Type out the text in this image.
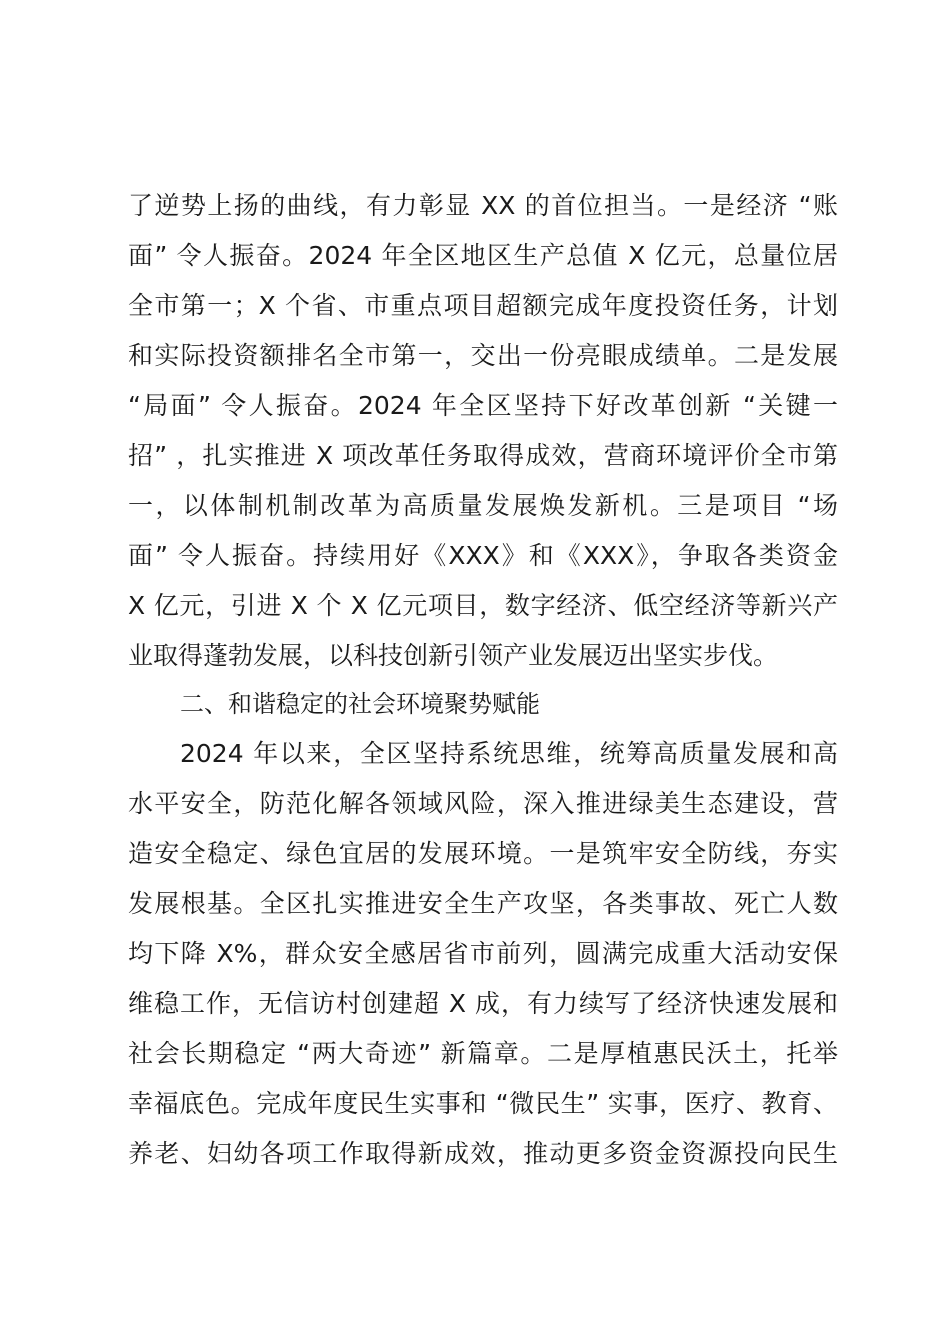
了逆势上扬的曲线，有力彰显 XX 的首位担当。一是经济 “账
面” 令人振奋。2024 年全区地区生产总值 X 亿元，总量位居
全市第一；X 个省、市重点项目超额完成年度投资任务，计划
和实际投资额排名全市第一，交出一份亮眼成绩单。二是发展
“局面” 令人振奋。2024 年全区坚持下好改革创新 “关键一
招” ，扎实推进 X 项改革任务取得成效，营商环境评价全市第
一，以体制机制改革为高质量发展焕发新机。三是项目 “场
面” 令人振奋。持续用好《XXX》和《XXX》，争取各类资金
X 亿元，引进 X 个 X 亿元项目，数字经济、低空经济等新兴产
业取得蓬勃发展，以科技创新引领产业发展迈出坚实步伐。
二、和谐稳定的社会环境聚势赋能
2024 年以来，全区坚持系统思维，统筹高质量发展和高
水平安全，防范化解各领域风险，深入推进绿美生态建设，营
造安全稳定、绿色宜居的发展环境。一是筑牢安全防线，夯实
发展根基。全区扎实推进安全生产攻坚，各类事故、死亡人数
均下降 X%，群众安全感居省市前列，圆满完成重大活动安保
维稳工作，无信访村创建超 X 成，有力续写了经济快速发展和
社会长期稳定 “两大奇迹” 新篇章。二是厚植惠民沃土，托举
幸福底色。完成年度民生实事和 “微民生” 实事，医疗、教育、
养老、妇幼各项工作取得新成效，推动更多资金资源投向民生
